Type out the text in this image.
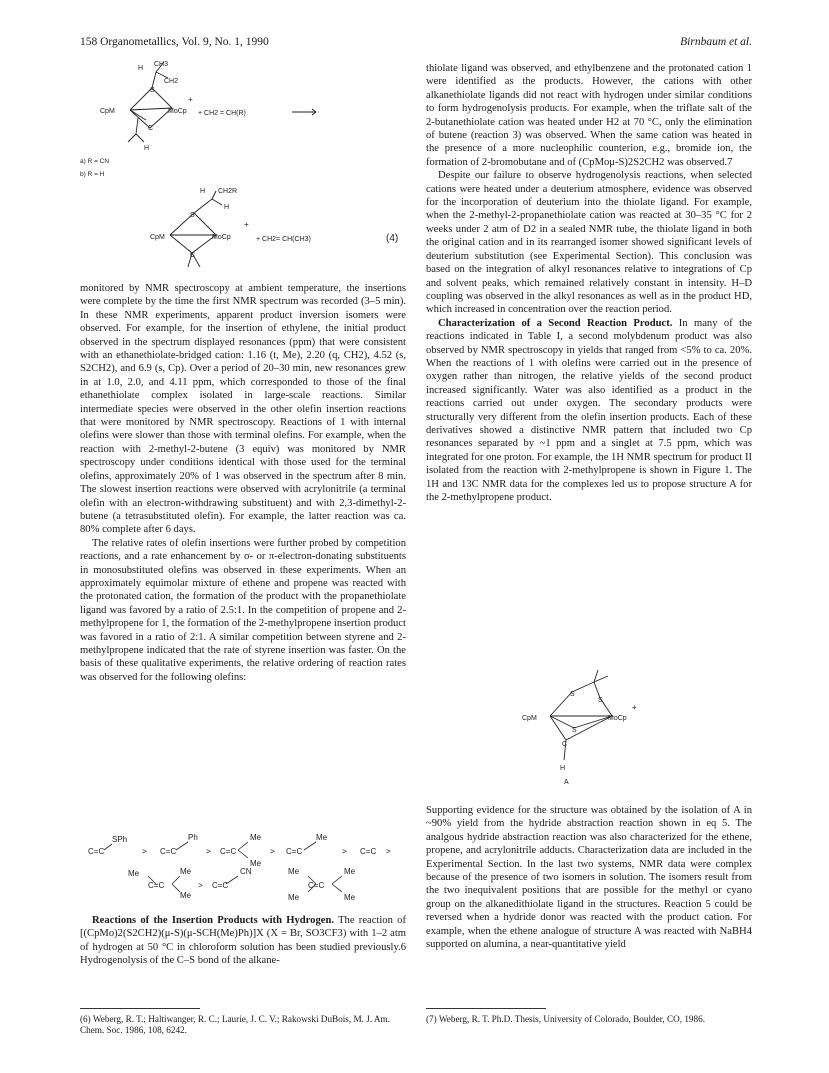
158 Organometallics, Vol. 9, No. 1, 1990	Birnbaum et al.
H
CH3
CH2
S
C
CpM	MoCp
+
H
+ CH2 = CH(R)
a) R = CN
b) R = H
H CH2R
H
S
C
CpM	MoCp
+
+ CH2= CH(CH3)	(4)

monitored by NMR spectroscopy at ambient temperature, the insertions were complete by the time the first NMR spectrum was recorded (3–5 min). In these NMR experiments, apparent product inversion isomers were observed. For example, for the insertion of ethylene, the initial product observed in the spectrum displayed resonances (ppm) that were consistent with an ethanethiolate-bridged cation: 1.16 (t, Me), 2.20 (q, CH2), 4.52 (s, S2CH2), and 6.9 (s, Cp). Over a period of 20–30 min, new resonances grew in at 1.0, 2.0, and 4.11 ppm, which corresponded to those of the final ethanethiolate complex isolated in large-scale reactions. Similar intermediate species were observed in the other olefin insertion reactions that were monitored by NMR spectroscopy. Reactions of 1 with internal olefins were slower than those with terminal olefins. For example, when the reaction with 2-methyl-2-butene (3 equiv) was monitored by NMR spectroscopy under conditions identical with those used for the terminal olefins, approximately 20% of 1 was observed in the spectrum after 8 min. The slowest insertion reactions were observed with acrylonitrile (a terminal olefin with an electron-withdrawing substituent) and with 2,3-dimethyl-2-butene (a tetrasubstituted olefin). For example, the latter reaction was ca. 80% complete after 6 days.

The relative rates of olefin insertions were further probed by competition reactions, and a rate enhancement by σ- or π-electron-donating substituents in monosubstituted olefins was observed in these experiments. When an approximately equimolar mixture of ethene and propene was reacted with the protonated cation, the formation of the product with the propanethiolate ligand was favored by a ratio of 2.5:1. In the competition of propene and 2-methylpropene for 1, the formation of the 2-methylpropene insertion product was favored in a ratio of 2:1. A similar competition between styrene and 2-methylpropene indicated that the rate of styrene insertion was faster. On the basis of these qualitative experiments, the relative ordering of reaction rates was observed for the following olefins:

SPh
C=C	>
Ph
C=C	>
Me
C=C
Me
>
Me
C=C	> C=C >
Me	Me
C=C
Me
>
CN
C=C
Me
C=C
Me
Me	Me

Reactions of the Insertion Products with Hydrogen. The reaction of [(CpMo)2(S2CH2)(μ-S)(μ-SCH(Me)Ph)]X (X = Br, SO3CF3) with 1–2 atm of hydrogen at 50 °C in chloroform solution has been studied previously.6 Hydrogenolysis of the C–S bond of the alkane-

thiolate ligand was observed, and ethylbenzene and the protonated cation 1 were identified as the products. However, the cations with other alkanethiolate ligands did not react with hydrogen under similar conditions to form hydrogenolysis products. For example, when the triflate salt of the 2-butanethiolate cation was heated under H2 at 70 °C, only the elimination of butene (reaction 3) was observed. When the same cation was heated in the presence of a more nucleophilic counterion, e.g., bromide ion, the formation of 2-bromobutane and of (CpMoμ-S)2S2CH2 was observed.7

Despite our failure to observe hydrogenolysis reactions, when selected cations were heated under a deuterium atmosphere, evidence was observed for the incorporation of deuterium into the thiolate ligand. For example, when the 2-methyl-2-propanethiolate cation was reacted at 30–35 °C for 2 weeks under 2 atm of D2 in a sealed NMR tube, the thiolate ligand in both the original cation and in its rearranged isomer showed significant levels of deuterium substitution (see Experimental Section). This conclusion was based on the integration of alkyl resonances relative to integrations of Cp and solvent peaks, which remained relatively constant in intensity. H–D coupling was observed in the alkyl resonances as well as in the product HD, which increased in concentration over the reaction period.

Characterization of a Second Reaction Product. In many of the reactions indicated in Table I, a second molybdenum product was also observed by NMR spectroscopy in yields that ranged from <5% to ca. 20%. When the reactions of 1 with olefins were carried out in the presence of oxygen rather than nitrogen, the relative yields of the second product increased significantly. Water was also identified as a product in the reactions carried out under oxygen. The secondary products were structurally very different from the olefin insertion products. Each of these derivatives showed a distinctive NMR pattern that included two Cp resonances separated by ~1 ppm and a singlet at 7.5 ppm, which was integrated for one proton. For example, the 1H NMR spectrum for product II isolated from the reaction with 2-methylpropene is shown in Figure 1. The 1H and 13C NMR data for the complexes led us to propose structure A for the 2-methylpropene product.

S
S
S
C
CpM	MoCp
+
H
A

Supporting evidence for the structure was obtained by the isolation of A in ~90% yield from the hydride abstraction reaction shown in eq 5. The analgous hydride abstraction reaction was also characterized for the ethene, propene, and acrylonitrile adducts. Characterization data are included in the Experimental Section. In the last two systems, NMR data were complex because of the presence of two isomers in solution. The isomers result from the two inequivalent positions that are possible for the methyl or cyano group on the alkanedithiolate ligand in the structures. Reaction 5 could be reversed when a hydride donor was reacted with the product cation. For example, when the ethene analogue of structure A was reacted with NaBH4 supported on alumina, a near-quantitative yield

(6) Weberg, R. T.; Haltiwanger, R. C.; Laurie, J. C. V.; Rakowski DuBois, M. J. Am. Chem. Soc. 1986, 108, 6242.
(7) Weberg, R. T. Ph.D. Thesis, University of Colorado, Boulder, CO, 1986.
